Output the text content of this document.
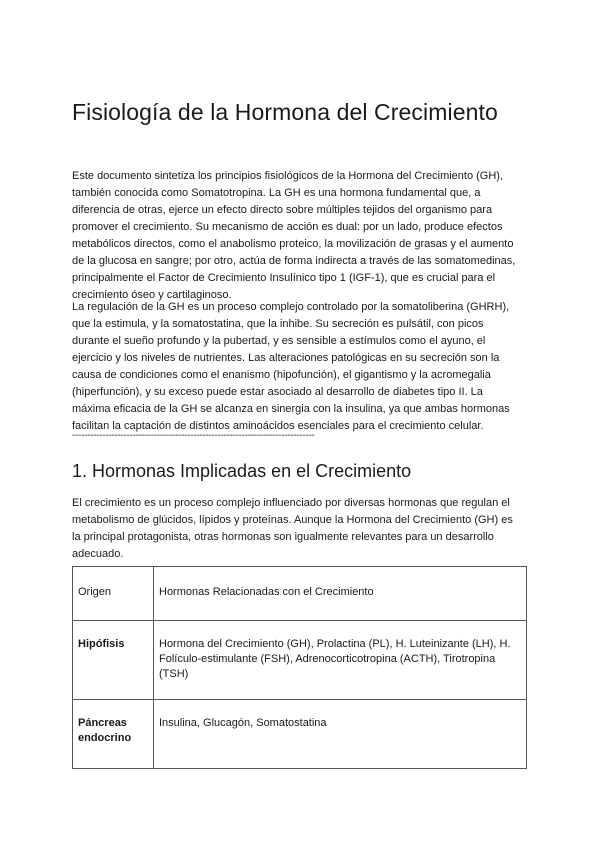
Fisiología de la Hormona del Crecimiento

Este documento sintetiza los principios fisiológicos de la Hormona del Crecimiento (GH), también conocida como Somatotropina. La GH es una hormona fundamental que, a diferencia de otras, ejerce un efecto directo sobre múltiples tejidos del organismo para promover el crecimiento. Su mecanismo de acción es dual: por un lado, produce efectos metabólicos directos, como el anabolismo proteico, la movilización de grasas y el aumento de la glucosa en sangre; por otro, actúa de forma indirecta a través de las somatomedinas, principalmente el Factor de Crecimiento Insulínico tipo 1 (IGF-1), que es crucial para el crecimiento óseo y cartilaginoso.

La regulación de la GH es un proceso complejo controlado por la somatoliberina (GHRH), que la estimula, y la somatostatina, que la inhibe. Su secreción es pulsátil, con picos durante el sueño profundo y la pubertad, y es sensible a estímulos como el ayuno, el ejercicio y los niveles de nutrientes. Las alteraciones patológicas en su secreción son la causa de condiciones como el enanismo (hipofunción), el gigantismo y la acromegalia (hiperfunción), y su exceso puede estar asociado al desarrollo de diabetes tipo II. La máxima eficacia de la GH se alcanza en sinergia con la insulina, ya que ambas hormonas facilitan la captación de distintos aminoácidos esenciales para el crecimiento celular.

--------------------------------------------------------------------------------
1. Hormonas Implicadas en el Crecimiento

El crecimiento es un proceso complejo influenciado por diversas hormonas que regulan el metabolismo de glúcidos, lípidos y proteínas. Aunque la Hormona del Crecimiento (GH) es la principal protagonista, otras hormonas son igualmente relevantes para un desarrollo adecuado.

Origen	Hormonas Relacionadas con el Crecimiento
Hipófisis	Hormona del Crecimiento (GH), Prolactina (PL), H. Luteinizante (LH), H. Folículo-estimulante (FSH), Adrenocorticotropina (ACTH), Tirotropina (TSH)
Páncreas endocrino	Insulina, Glucagón, Somatostatina
